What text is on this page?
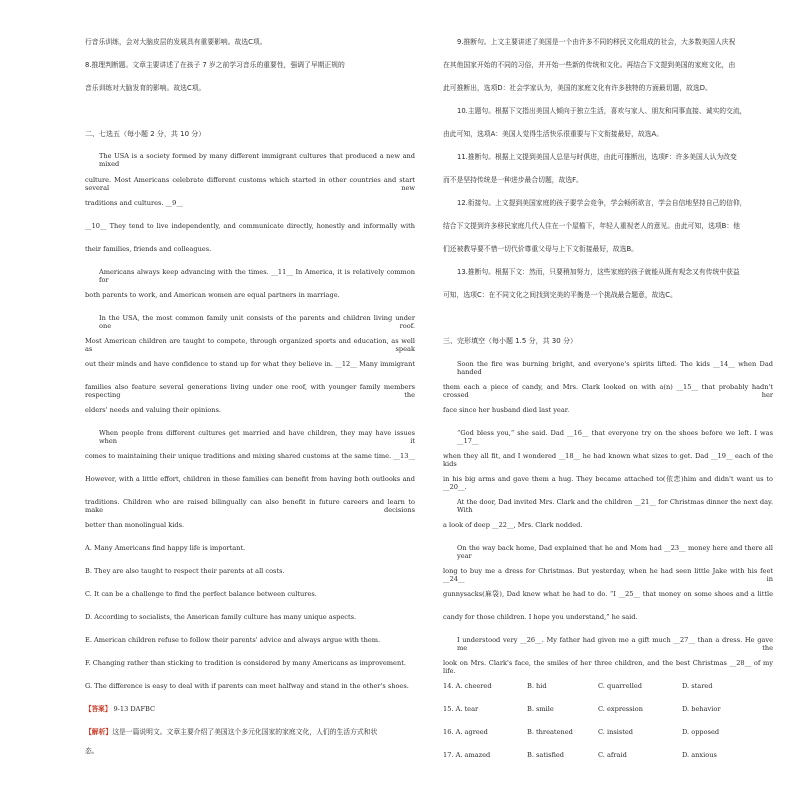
行音乐训练，会对大脑皮层的发展具有重要影响。故选C项。
8.推理判断题。文章主要讲述了在孩子 7 岁之前学习音乐的重要性，强调了早期正规的
音乐训练对大脑发育的影响。故选C项。
二、七选五（每小题 2 分，共 10 分）
The USA is a society formed by many different immigrant cultures that produced a new and mixed
culture. Most Americans celebrate different customs which started in other countries and start several new
traditions and cultures. __9__
__10__ They tend to live independently, and communicate directly, honestly and informally with
their families, friends and colleagues.
Americans always keep advancing with the times. __11__ In America, it is relatively common for
both parents to work, and American women are equal partners in marriage.
In the USA, the most common family unit consists of the parents and children living under one roof.
Most American children are taught to compete, through organized sports and education, as well as speak
out their minds and have confidence to stand up for what they believe in. __12__ Many immigrant
families also feature several generations living under one roof, with younger family members respecting the
elders' needs and valuing their opinions.
When people from different cultures get married and have children, they may have issues when it
comes to maintaining their unique traditions and mixing shared customs at the same time. __13__
However, with a little effort, children in these families can benefit from having both outlooks and
traditions. Children who are raised bilingually can also benefit in future careers and learn to make decisions
better than monolingual kids.
A. Many Americans find happy life is important.
B. They are also taught to respect their parents at all costs.
C. It can be a challenge to find the perfect balance between cultures.
D. According to socialists, the American family culture has many unique aspects.
E. American children refuse to follow their parents' advice and always argue with them.
F. Changing rather than sticking to tradition is considered by many Americans as improvement.
G. The difference is easy to deal with if parents can meet halfway and stand in the other's shoes.
【答案】 9-13 DAFBC
【解析】这是一篇说明文。文章主要介绍了美国这个多元化国家的家庭文化，人们的生活方式和状
态。
9.推断句。上文主要讲述了美国是一个由许多不同的移民文化组成的社会，大多数美国人庆祝
在其他国家开始的不同的习俗，并开始一些新的传统和文化。再结合下文提到美国的家庭文化，由
此可推断出，选项D：社会学家认为，美国的家庭文化有许多独特的方面最切题，故选D。
10.主题句。根据下文指出美国人倾向于独立生活，喜欢与家人、朋友和同事直接、诚实的交流，
由此可知，选项A：美国人觉得生活快乐很重要与下文衔接最好，故选A。
11.推断句。根据上文提到美国人总是与时俱进，由此可推断出，选项F：许多美国人认为改变
而不是坚持传统是一种进步最合切题，故选F。
12.衔接句。上文提到美国家庭的孩子要学会竞争，学会畅所欲言，学会自信地坚持自己的信仰，
结合下文提到许多移民家庭几代人住在一个屋檐下，年轻人重视老人的意见。由此可知，选项B：他
们还被教导要不惜一切代价尊重父母与上下文衔接最好，故选B。
13.推断句。根据下文：然而，只要稍加努力，这些家庭的孩子就能从既有观念又有传统中获益
可知，选项C：在不同文化之间找到完美的平衡是一个挑战最合题意，故选C。
三、完形填空（每小题 1.5 分，共 30 分）
Soon the fire was burning bright, and everyone's spirits lifted. The kids __14__ when Dad handed
them each a piece of candy, and Mrs. Clark looked on with a(n) __15__ that probably hadn't crossed her
face since her husband died last year.
“God bless you,” she said. Dad __16__ that everyone try on the shoes before we left. I was __17__
when they all fit, and I wondered __18__ he had known what sizes to get. Dad __19__ each of the kids
in his big arms and gave them a hug. They became attached to(依恋)him and didn't want us to __20__.
At the door, Dad invited Mrs. Clark and the children __21__ for Christmas dinner the next day. With
a look of deep __22__, Mrs. Clark nodded.
On the way back home, Dad explained that he and Mom had __23__ money here and there all year
long to buy me a dress for Christmas. But yesterday, when he had seen little Jake with his feet __24__ in
gunnysacks(麻袋), Dad knew what he had to do. “I __25__ that money on some shoes and a little
candy for those children. I hope you understand,” he said.
I understood very __26__. My father had given me a gift much __27__ than a dress. He gave me the
look on Mrs. Clark's face, the smiles of her three children, and the best Christmas __28__ of my life.
14. A. cheered	B. hid	C. quarrelled	D. stared
15. A. tear	B. smile	C. expression	D. behavior
16. A. agreed	B. threatened	C. insisted	D. opposed
17. A. amazed	B. satisfied	C. afraid	D. anxious
